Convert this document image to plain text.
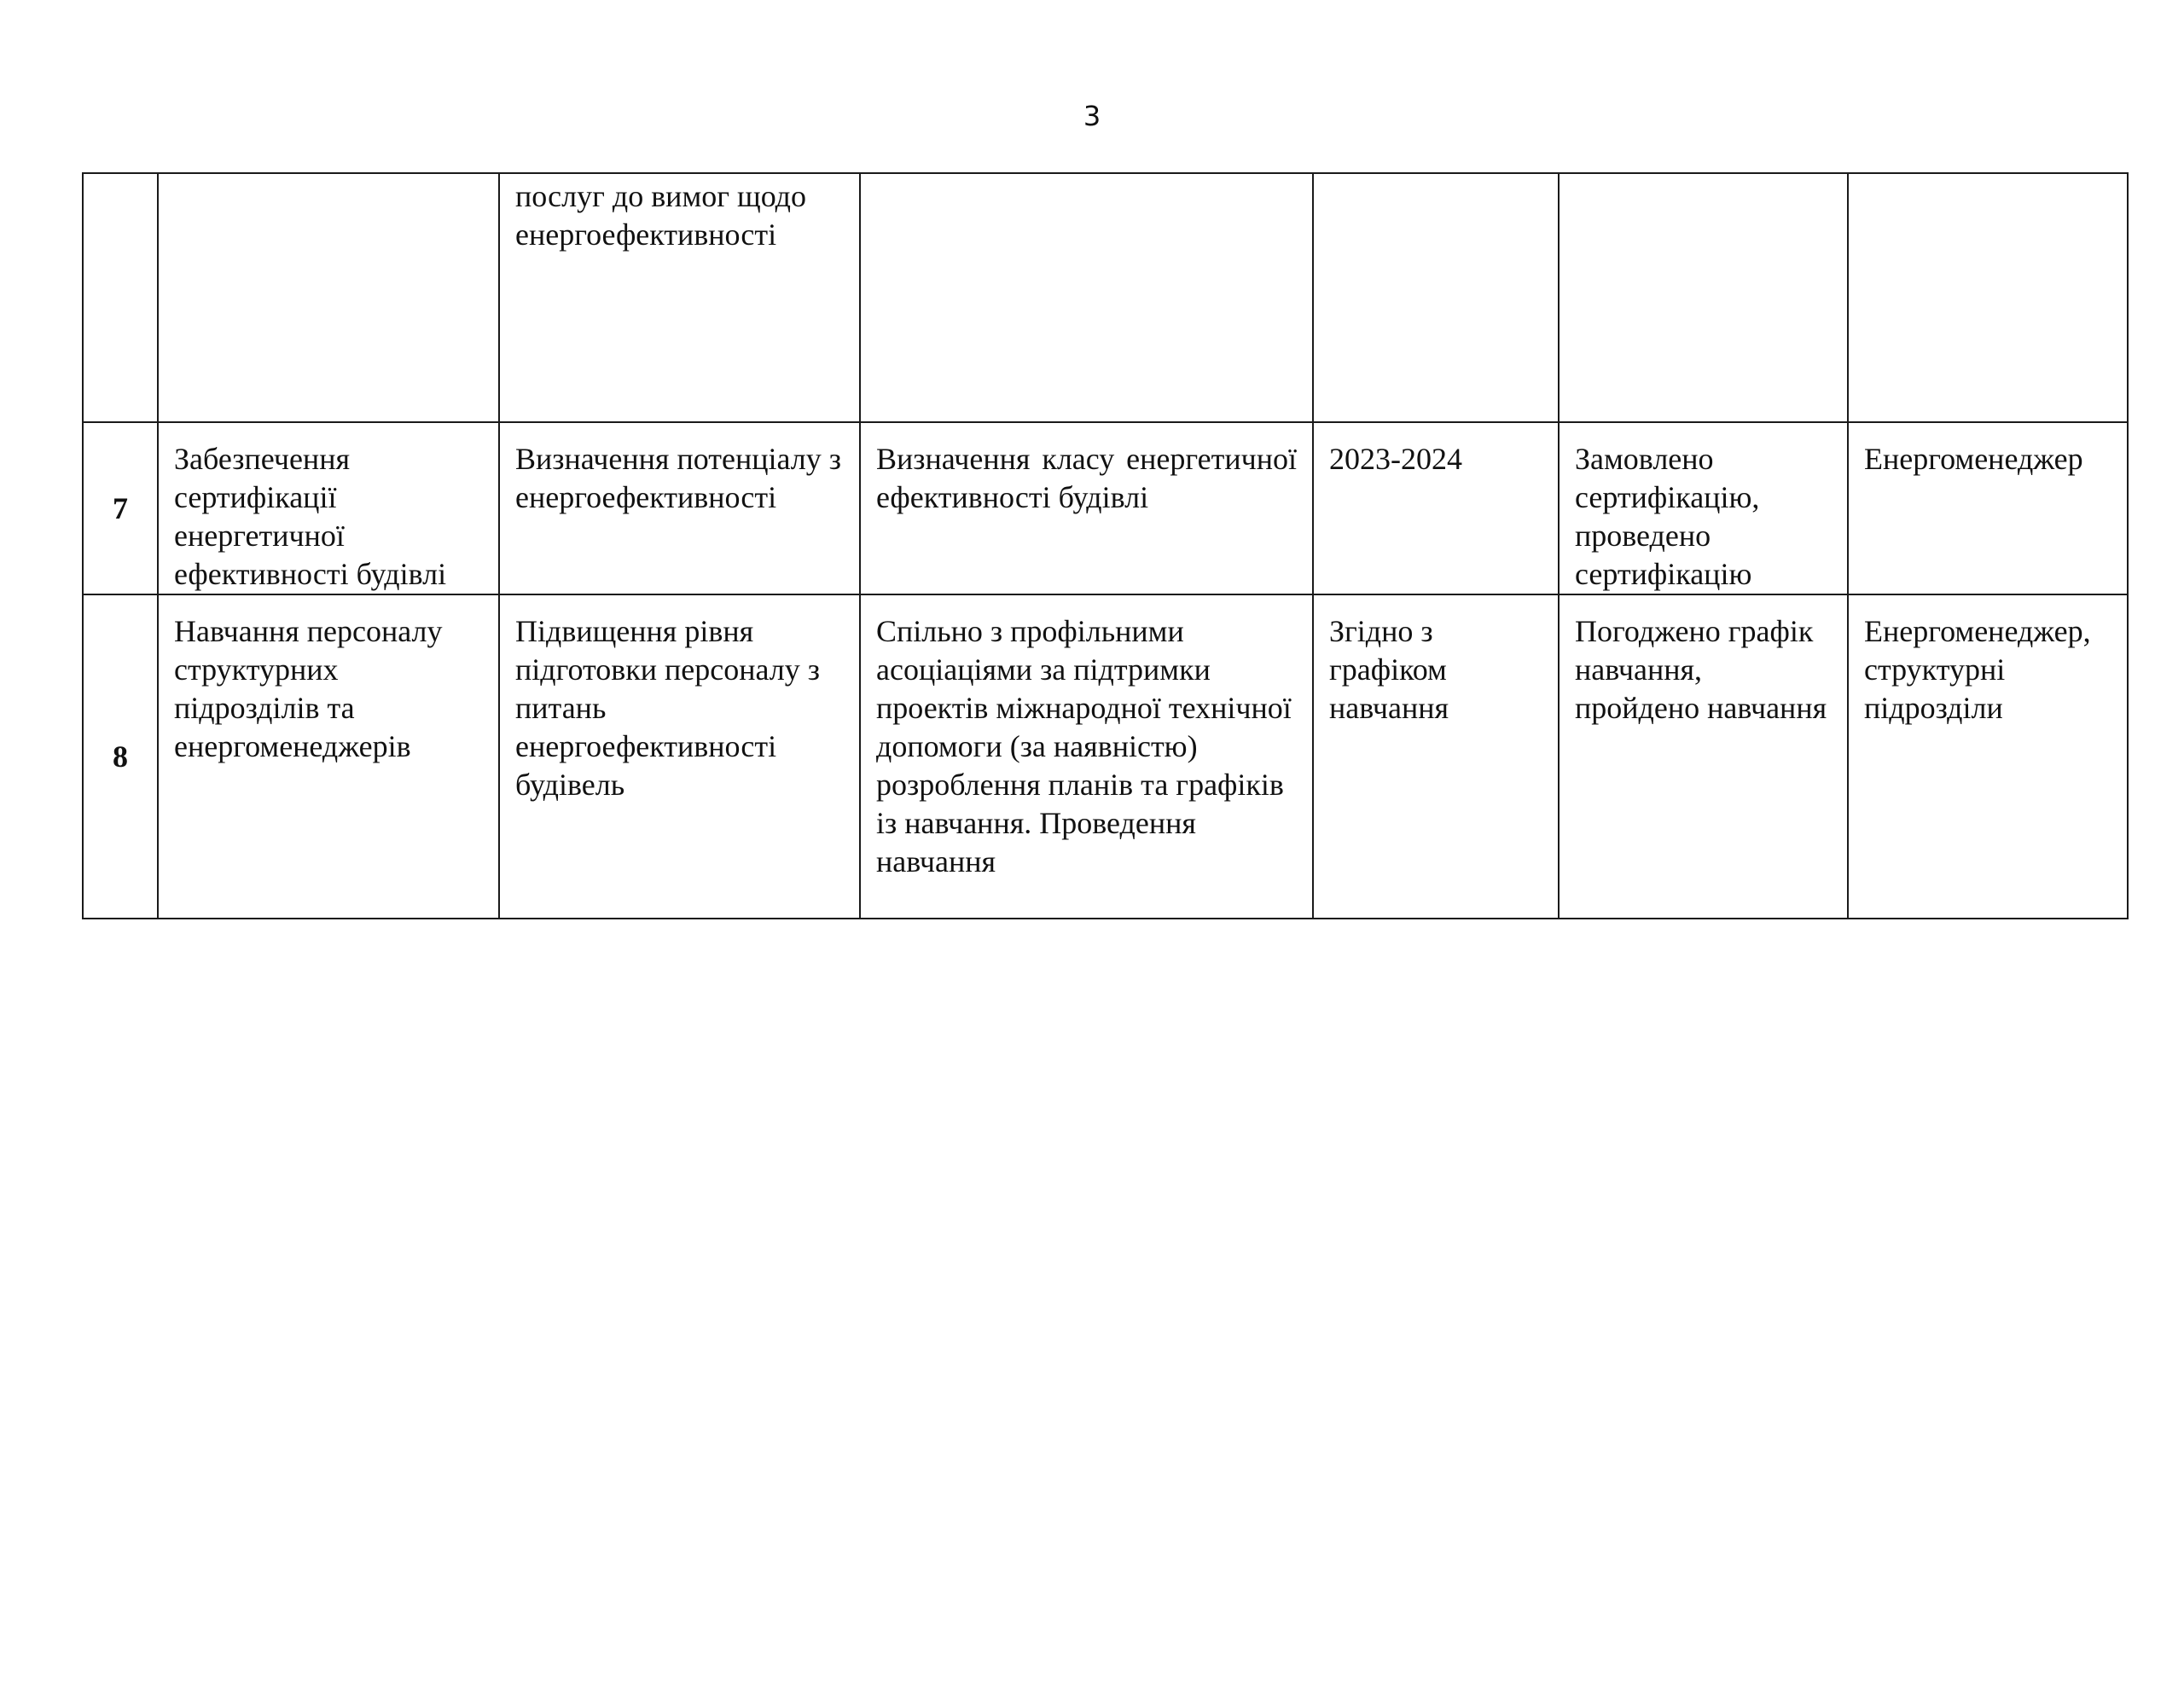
3
		послуг до вимог щодо енергоефективності				
7	Забезпечення сертифікації енергетичної ефективності будівлі	Визначення потенціалу з енергоефективності	Визначення класу енергетичної ефективності будівлі	2023-2024	Замовлено сертифікацію, проведено сертифікацію	Енергоменеджер
8	Навчання персоналу структурних підрозділів та енергоменеджерів	Підвищення рівня підготовки персоналу з питань енергоефективності будівель	Спільно з профільними асоціаціями за підтримки проектів міжнародної технічної допомоги (за наявністю) розроблення планів та графіків із навчання. Проведення навчання	Згідно з графіком навчання	Погоджено графік навчання, пройдено навчання	Енергоменеджер, структурні підрозділи
